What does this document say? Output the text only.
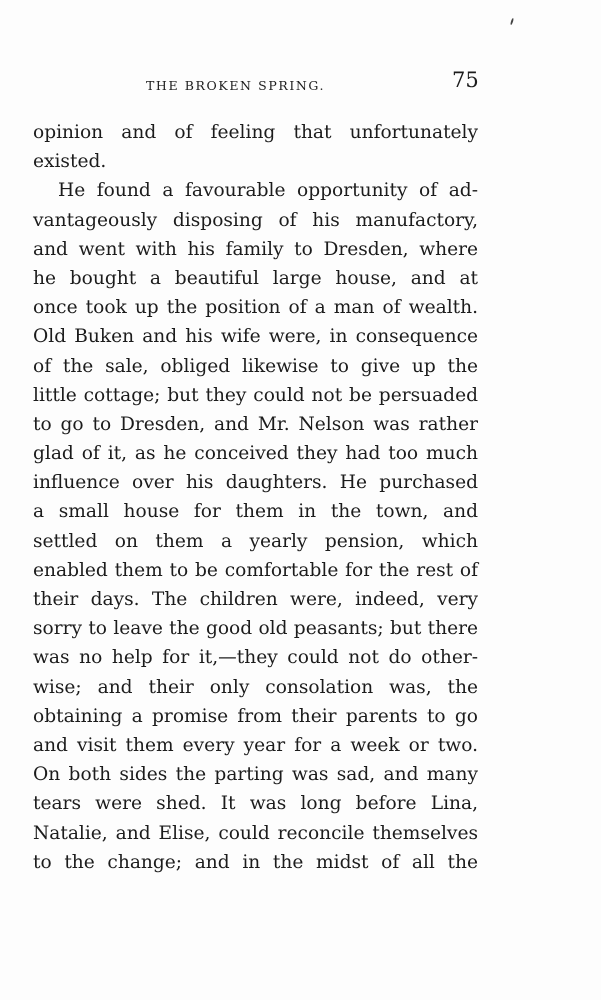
THE BROKEN SPRING.	75
opinion and of feeling that unfortunately
existed.
He found a favourable opportunity of ad-
vantageously disposing of his manufactory,
and went with his family to Dresden, where
he bought a beautiful large house, and at
once took up the position of a man of wealth.
Old Buken and his wife were, in consequence
of the sale, obliged likewise to give up the
little cottage; but they could not be persuaded
to go to Dresden, and Mr. Nelson was rather
glad of it, as he conceived they had too much
influence over his daughters. He purchased
a small house for them in the town, and
settled on them a yearly pension, which
enabled them to be comfortable for the rest of
their days. The children were, indeed, very
sorry to leave the good old peasants; but there
was no help for it,—they could not do other-
wise; and their only consolation was, the
obtaining a promise from their parents to go
and visit them every year for a week or two.
On both sides the parting was sad, and many
tears were shed. It was long before Lina,
Natalie, and Elise, could reconcile themselves
to the change; and in the midst of all the
